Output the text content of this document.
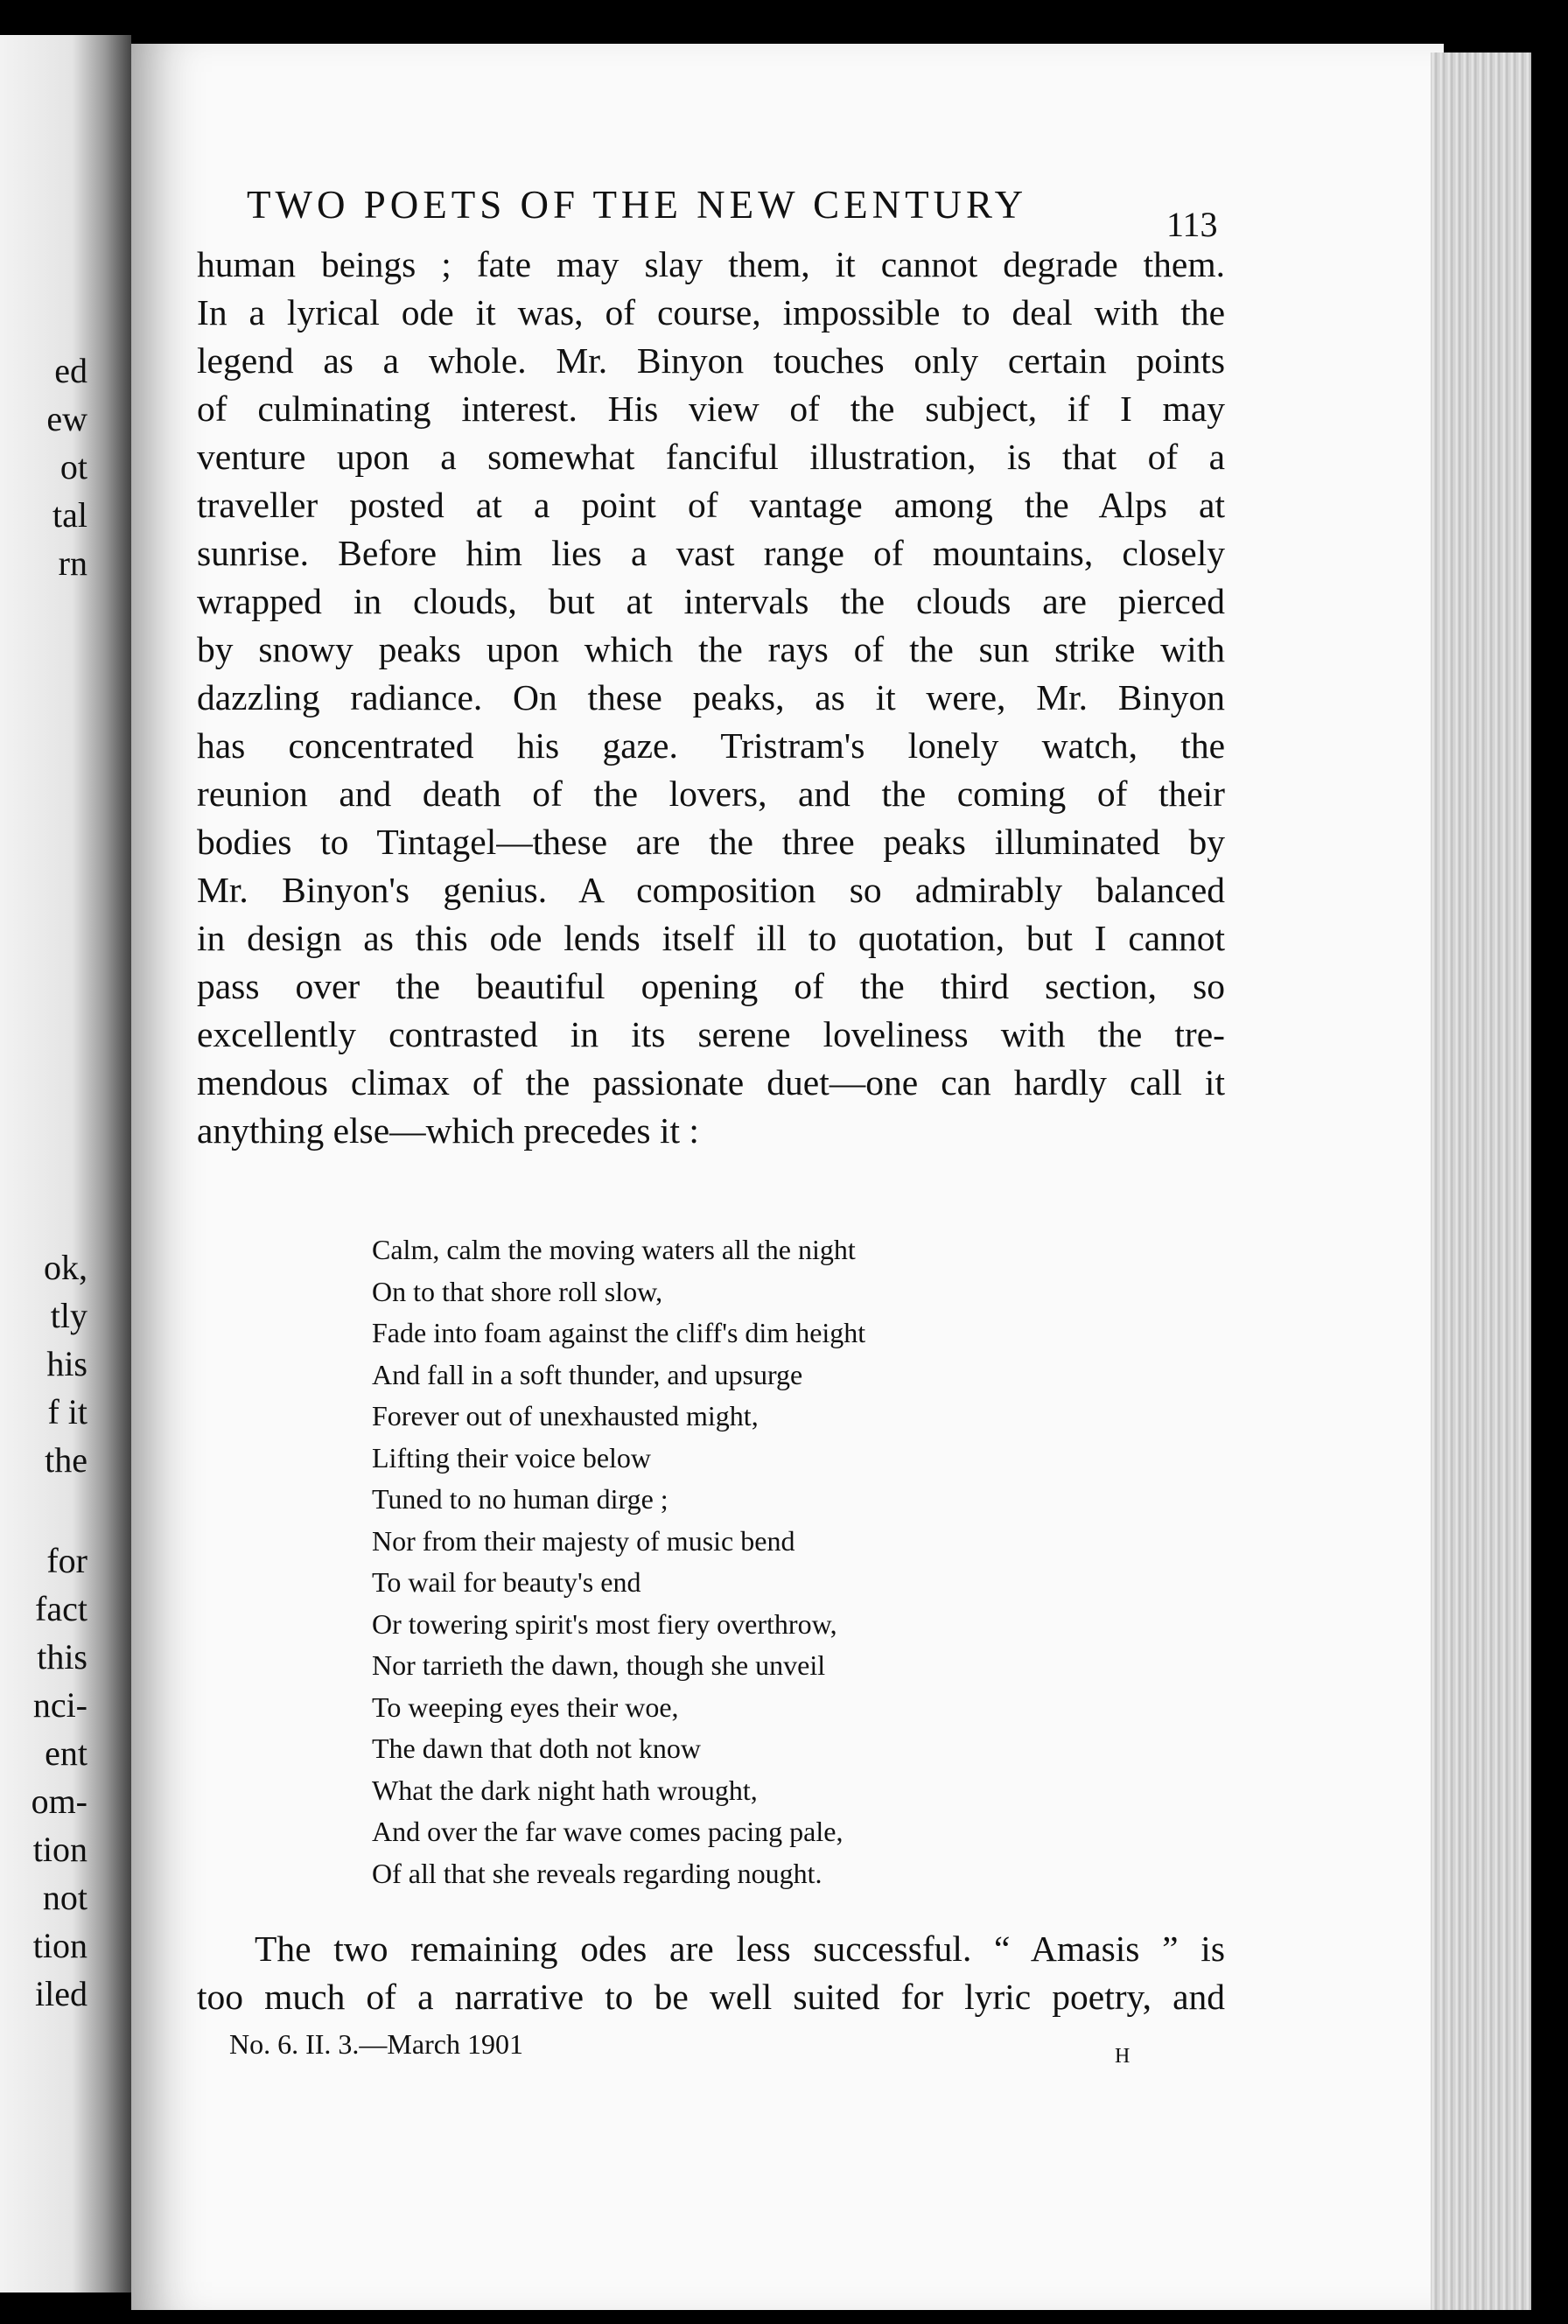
ed
ew
ot
tal
rn
ok,
tly
his
f it
the
for
fact
this
nci-
ent
om-
tion
not
tion
iled
TWO POETS OF THE NEW CENTURY	113
human beings ; fate may slay them, it cannot degrade them.
In a lyrical ode it was, of course, impossible to deal with the
legend as a whole. Mr. Binyon touches only certain points
of culminating interest. His view of the subject, if I may
venture upon a somewhat fanciful illustration, is that of a
traveller posted at a point of vantage among the Alps at
sunrise. Before him lies a vast range of mountains, closely
wrapped in clouds, but at intervals the clouds are pierced
by snowy peaks upon which the rays of the sun strike with
dazzling radiance. On these peaks, as it were, Mr. Binyon
has concentrated his gaze. Tristram's lonely watch, the
reunion and death of the lovers, and the coming of their
bodies to Tintagel—these are the three peaks illuminated by
Mr. Binyon's genius. A composition so admirably balanced
in design as this ode lends itself ill to quotation, but I cannot
pass over the beautiful opening of the third section, so
excellently contrasted in its serene loveliness with the tre-
mendous climax of the passionate duet—one can hardly call it
anything else—which precedes it :
Calm, calm the moving waters all the night
On to that shore roll slow,
Fade into foam against the cliff's dim height
And fall in a soft thunder, and upsurge
Forever out of unexhausted might,
Lifting their voice below
Tuned to no human dirge ;
Nor from their majesty of music bend
To wail for beauty's end
Or towering spirit's most fiery overthrow,
Nor tarrieth the dawn, though she unveil
To weeping eyes their woe,
The dawn that doth not know
What the dark night hath wrought,
And over the far wave comes pacing pale,
Of all that she reveals regarding nought.
The two remaining odes are less successful. “ Amasis ” is
too much of a narrative to be well suited for lyric poetry, and
No. 6. II. 3.—March 1901	H
